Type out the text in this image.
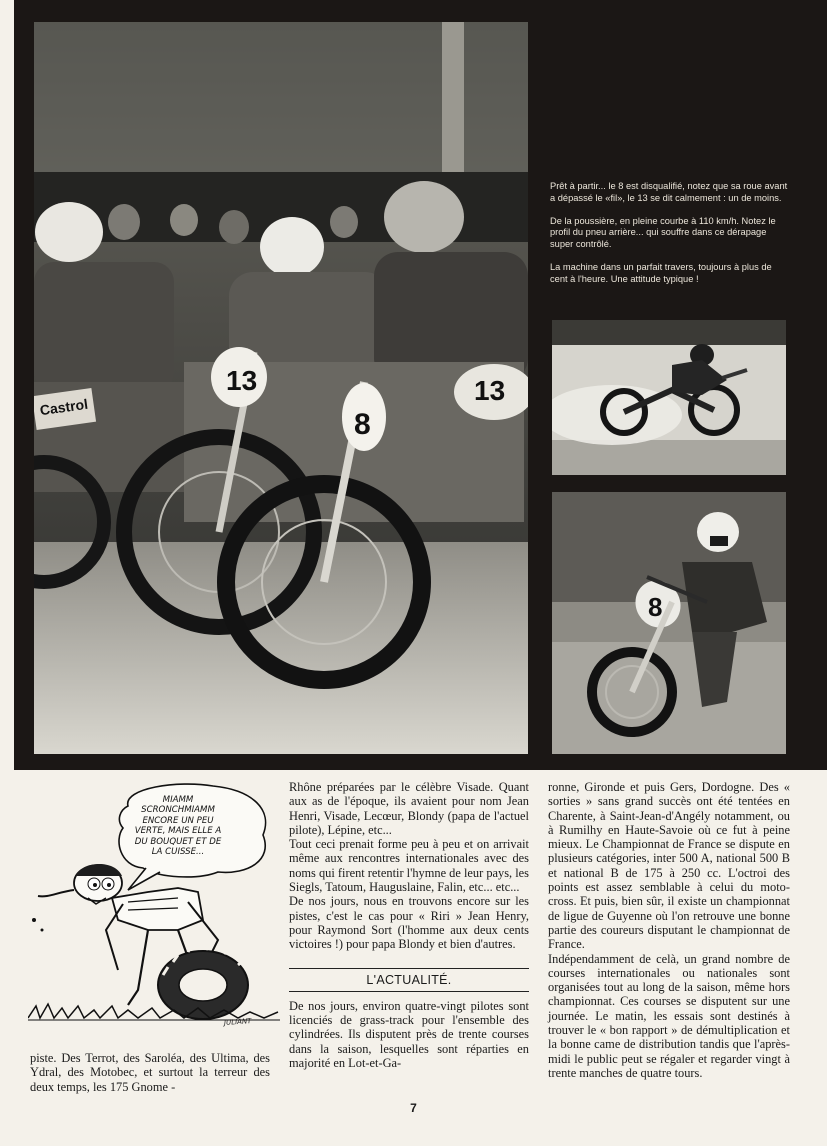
13
8
13
Castrol

Prêt à partir... le 8 est disqualifié, notez que sa roue avant a dépassé le «fil», le 13 se dit calmement : un de moins.

De la poussière, en pleine courbe à 110 km/h. Notez le profil du pneu arrière... qui souffre dans ce dérapage super contrôlé.

La machine dans un parfait travers, toujours à plus de cent à l'heure. Une attitude typique !

8
MIAMM
SCRONCHMIAMM
ENCORE UN PEU
VERTE, MAIS ELLE A
DU BOUQUET ET DE
LA CUISSE...
JULIANT

piste. Des Terrot, des Saroléa, des Ultima, des Ydral, des Motobec, et surtout la terreur des deux temps, les 175 Gnome -

Rhône préparées par le célèbre Visade. Quant aux as de l'époque, ils avaient pour nom Jean Henri, Visade, Lecœur, Blondy (papa de l'actuel pilote), Lépine, etc...

Tout ceci prenait forme peu à peu et on arrivait même aux rencontres internationales avec des noms qui firent retentir l'hymne de leur pays, les Siegls, Tatoum, Hauguslaine, Falin, etc... etc...

De nos jours, nous en trouvons encore sur les pistes, c'est le cas pour « Riri » Jean Henry, pour Raymond Sort (l'homme aux deux cents victoires !) pour papa Blondy et bien d'autres.

L'ACTUALITÉ.

De nos jours, environ quatre-vingt pilotes sont licenciés de grass-track pour l'ensemble des cylindrées. Ils disputent près de trente courses dans la saison, lesquelles sont réparties en majorité en Lot-et-Ga-

ronne, Gironde et puis Gers, Dordogne. Des « sorties » sans grand succès ont été tentées en Charente, à Saint-Jean-d'Angély notamment, ou à Rumilhy en Haute-Savoie où ce fut à peine mieux. Le Championnat de France se dispute en plusieurs catégories, inter 500 A, national 500 B et national B de 175 à 250 cc. L'octroi des points est assez semblable à celui du moto-cross. Et puis, bien sûr, il existe un championnat de ligue de Guyenne où l'on retrouve une bonne partie des coureurs disputant le championnat de France.

Indépendamment de celà, un grand nombre de courses internationales ou nationales sont organisées tout au long de la saison, même hors championnat. Ces courses se disputent sur une journée. Le matin, les essais sont destinés à trouver le « bon rapport » de démultiplication et la bonne came de distribution tandis que l'après-midi le public peut se régaler et regarder vingt à trente manches de quatre tours.

7
